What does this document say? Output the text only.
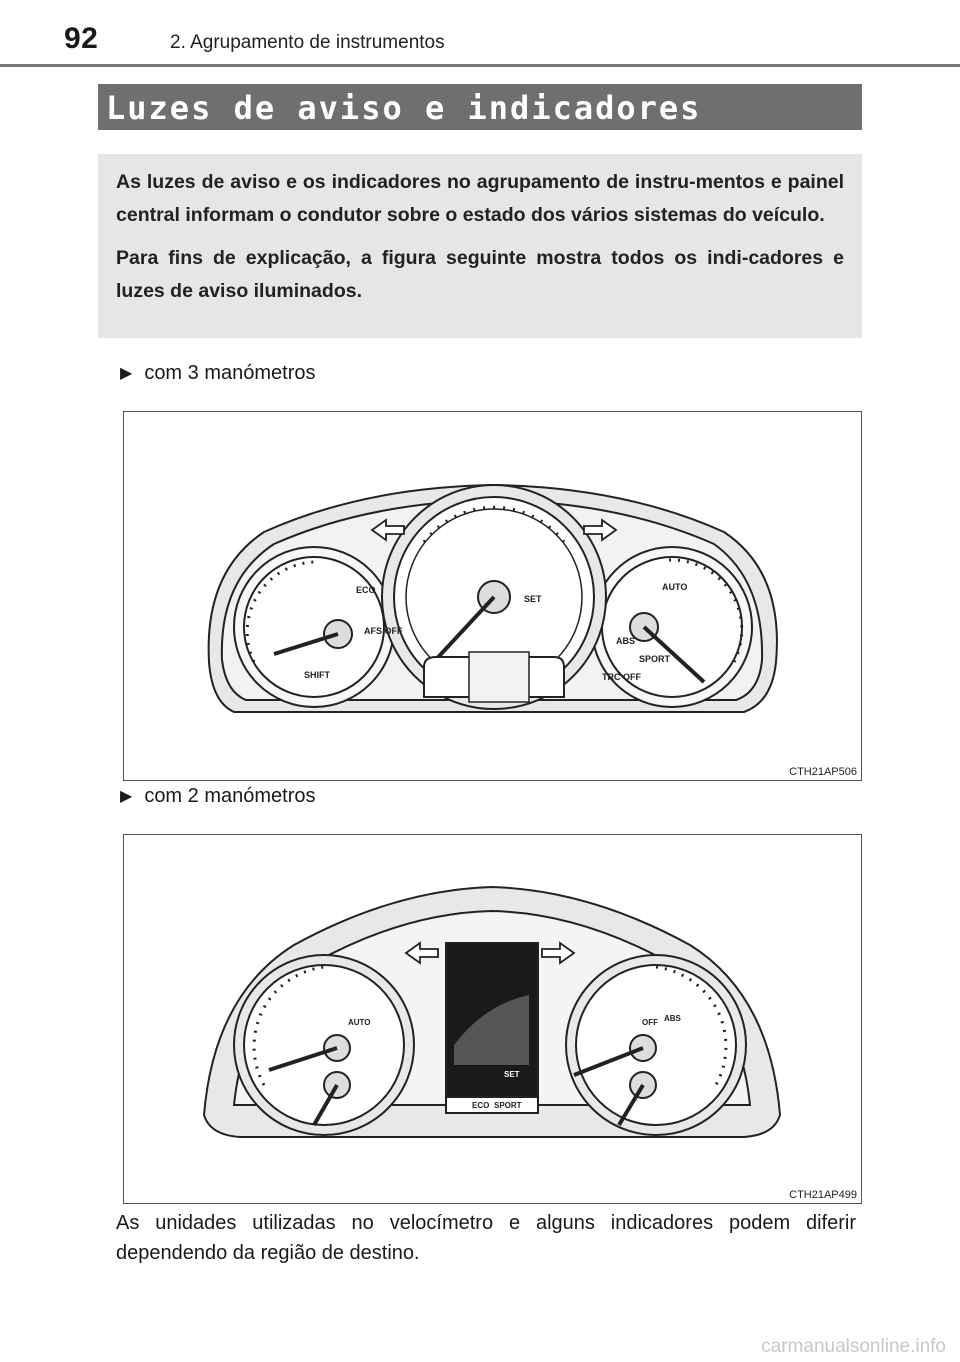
92	2. Agrupamento de instrumentos
Luzes de aviso e indicadores

As luzes de aviso e os indicadores no agrupamento de instru-mentos e painel central informam o condutor sobre o estado dos vários sistemas do veículo.

Para fins de explicação, a figura seguinte mostra todos os indi-cadores e luzes de aviso iluminados.

▶ com 3 manómetros
SHIFT
AFS OFF
SET
SPORT
TRC OFF
ECO	AUTO
ABS
CTH21AP506
▶ com 2 manómetros
AUTO
SET
ECO SPORT
OFF ABS
CTH21AP499
As unidades utilizadas no velocímetro e alguns indicadores podem diferir dependendo da região de destino.
carmanualsonline.info
